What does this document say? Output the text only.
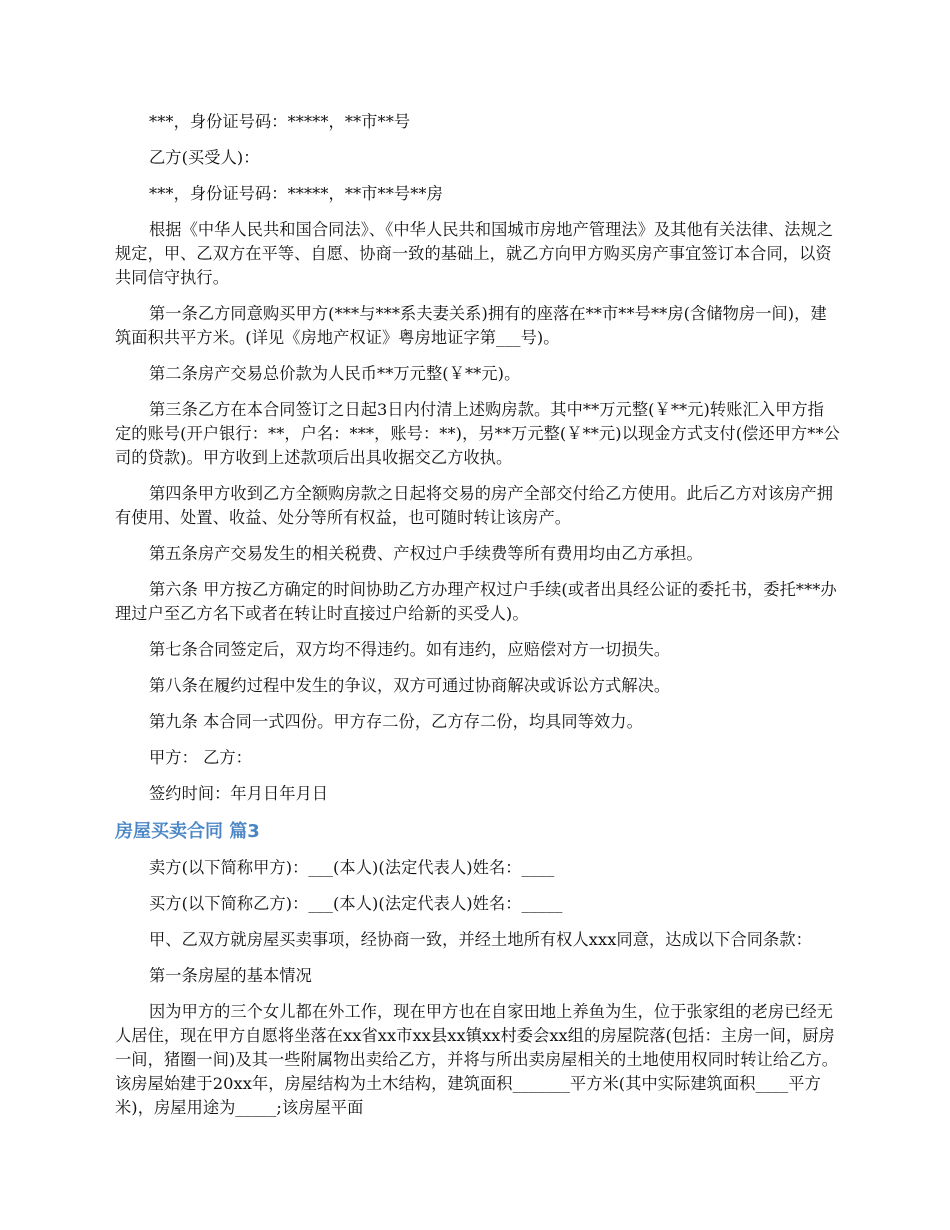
***，身份证号码：*****，**市**号

乙方(买受人)：

***，身份证号码：*****，**市**号**房

根据《中华人民共和国合同法》、《中华人民共和国城市房地产管理法》及其他有关法律、法规之规定，甲、乙双方在平等、自愿、协商一致的基础上，就乙方向甲方购买房产事宜签订本合同，以资共同信守执行。

第一条乙方同意购买甲方(***与***系夫妻关系)拥有的座落在**市**号**房(含储物房一间)，建筑面积共平方米。(详见《房地产权证》粤房地证字第___号)。

第二条房产交易总价款为人民币**万元整(￥**元)。

第三条乙方在本合同签订之日起3日内付清上述购房款。其中**万元整(￥**元)转账汇入甲方指定的账号(开户银行：**，户名：***，账号：**)，另**万元整(￥**元)以现金方式支付(偿还甲方**公司的贷款)。甲方收到上述款项后出具收据交乙方收执。

第四条甲方收到乙方全额购房款之日起将交易的房产全部交付给乙方使用。此后乙方对该房产拥有使用、处置、收益、处分等所有权益，也可随时转让该房产。

第五条房产交易发生的相关税费、产权过户手续费等所有费用均由乙方承担。

第六条 甲方按乙方确定的时间协助乙方办理产权过户手续(或者出具经公证的委托书，委托***办理过户至乙方名下或者在转让时直接过户给新的买受人)。

第七条合同签定后，双方均不得违约。如有违约，应赔偿对方一切损失。

第八条在履约过程中发生的争议，双方可通过协商解决或诉讼方式解决。

第九条 本合同一式四份。甲方存二份，乙方存二份，均具同等效力。

甲方： 乙方：

签约时间：年月日年月日

房屋买卖合同 篇3

卖方(以下简称甲方)：___(本人)(法定代表人)姓名：____

买方(以下简称乙方)：___(本人)(法定代表人)姓名：_____

甲、乙双方就房屋买卖事项，经协商一致，并经土地所有权人xxx同意，达成以下合同条款：

第一条房屋的基本情况

因为甲方的三个女儿都在外工作，现在甲方也在自家田地上养鱼为生，位于张家组的老房已经无人居住，现在甲方自愿将坐落在xx省xx市xx县xx镇xx村委会xx组的房屋院落(包括：主房一间，厨房一间，猪圈一间)及其一些附属物出卖给乙方，并将与所出卖房屋相关的土地使用权同时转让给乙方。该房屋始建于20xx年，房屋结构为土木结构，建筑面积_______平方米(其中实际建筑面积____平方米)，房屋用途为_____;该房屋平面
